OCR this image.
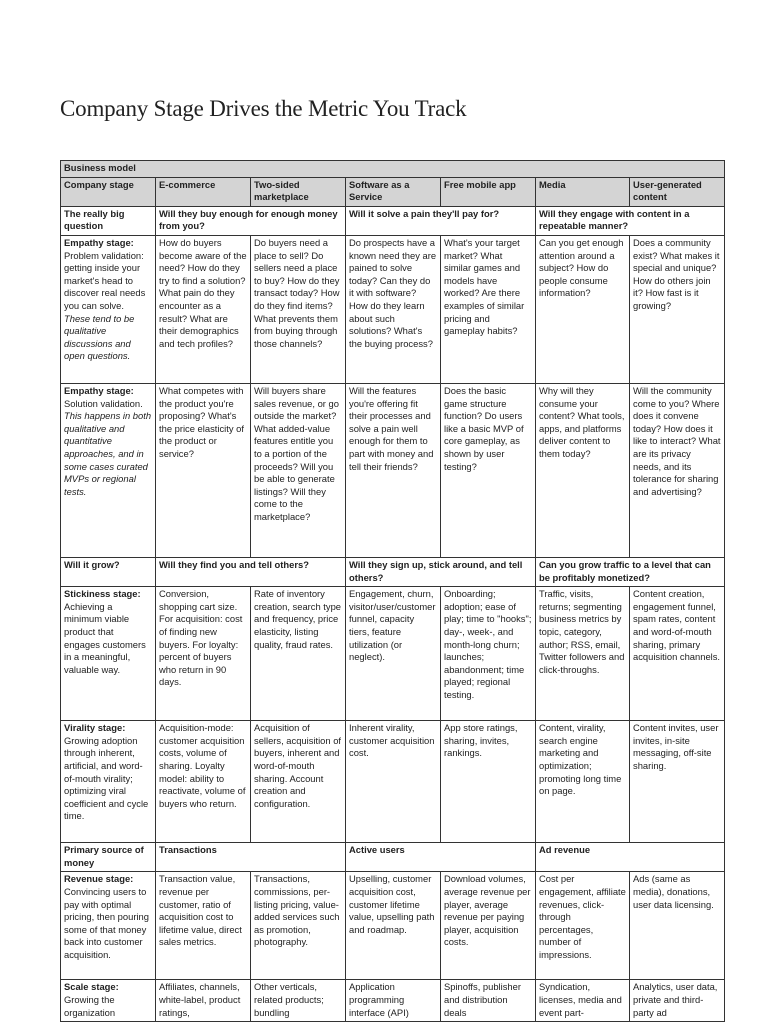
Company Stage Drives the Metric You Track
Business model						
Company stage	E-commerce	Two-sided marketplace	Software as a Service	Free mobile app	Media	User-generated content
The really big question	Will they buy enough for enough money from you?		Will it solve a pain they'll pay for?		Will they engage with content in a repeatable manner?	
Empathy stage: Problem validation: getting inside your market's head to discover real needs you can solve. These tend to be qualitative discussions and open questions.	How do buyers become aware of the need? How do they try to find a solution? What pain do they encounter as a result? What are their demographics and tech profiles?	Do buyers need a place to sell? Do sellers need a place to buy? How do they transact today? How do they find items? What prevents them from buying through those channels?	Do prospects have a known need they are pained to solve today? Can they do it with software? How do they learn about such solutions? What's the buying process?	What's your target market? What similar games and models have worked? Are there examples of similar pricing and gameplay habits?	Can you get enough attention around a subject? How do people consume information?	Does a community exist? What makes it special and unique? How do others join it? How fast is it growing?
Empathy stage: Solution validation. This happens in both qualitative and quantitative approaches, and in some cases curated MVPs or regional tests.	What competes with the product you're proposing? What's the price elasticity of the product or service?	Will buyers share sales revenue, or go outside the market? What added-value features entitle you to a portion of the proceeds? Will you be able to generate listings? Will they come to the marketplace?	Will the features you're offering fit their processes and solve a pain well enough for them to part with money and tell their friends?	Does the basic game structure function? Do users like a basic MVP of core gameplay, as shown by user testing?	Why will they consume your content? What tools, apps, and platforms deliver content to them today?	Will the community come to you? Where does it convene today? How does it like to interact? What are its privacy needs, and its tolerance for sharing and advertising?
Will it grow?	Will they find you and tell others?		Will they sign up, stick around, and tell others?		Can you grow traffic to a level that can be profitably monetized?	
Stickiness stage: Achieving a minimum viable product that engages customers in a meaningful, valuable way.	Conversion, shopping cart size. For acquisition: cost of finding new buyers. For loyalty: percent of buyers who return in 90 days.	Rate of inventory creation, search type and frequency, price elasticity, listing quality, fraud rates.	Engagement, churn, visitor/user/customer funnel, capacity tiers, feature utilization (or neglect).	Onboarding; adoption; ease of play; time to "hooks"; day-, week-, and month-long churn; launches; abandonment; time played; regional testing.	Traffic, visits, returns; segmenting business metrics by topic, category, author; RSS, email, Twitter followers and click-throughs.	Content creation, engagement funnel, spam rates, content and word-of-mouth sharing, primary acquisition channels.
Virality stage: Growing adoption through inherent, artificial, and word-of-mouth virality; optimizing viral coefficient and cycle time.	Acquisition-mode: customer acquisition costs, volume of sharing. Loyalty model: ability to reactivate, volume of buyers who return.	Acquisition of sellers, acquisition of buyers, inherent and word-of-mouth sharing. Account creation and configuration.	Inherent virality, customer acquisition cost.	App store ratings, sharing, invites, rankings.	Content, virality, search engine marketing and optimization; promoting long time on page.	Content invites, user invites, in-site messaging, off-site sharing.
Primary source of money	Transactions		Active users		Ad revenue	
Revenue stage: Convincing users to pay with optimal pricing, then pouring some of that money back into customer acquisition.	Transaction value, revenue per customer, ratio of acquisition cost to lifetime value, direct sales metrics.	Transactions, commissions, per-listing pricing, value-added services such as promotion, photography.	Upselling, customer acquisition cost, customer lifetime value, upselling path and roadmap.	Download volumes, average revenue per player, average revenue per paying player, acquisition costs.	Cost per engagement, affiliate revenues, click-through percentages, number of impressions.	Ads (same as media), donations, user data licensing.
Scale stage: Growing the organization	Affiliates, channels, white-label, product ratings,	Other verticals, related products; bundling	Application programming interface (API)	Spinoffs, publisher and distribution deals	Syndication, licenses, media and event part-	Analytics, user data, private and third-party ad
